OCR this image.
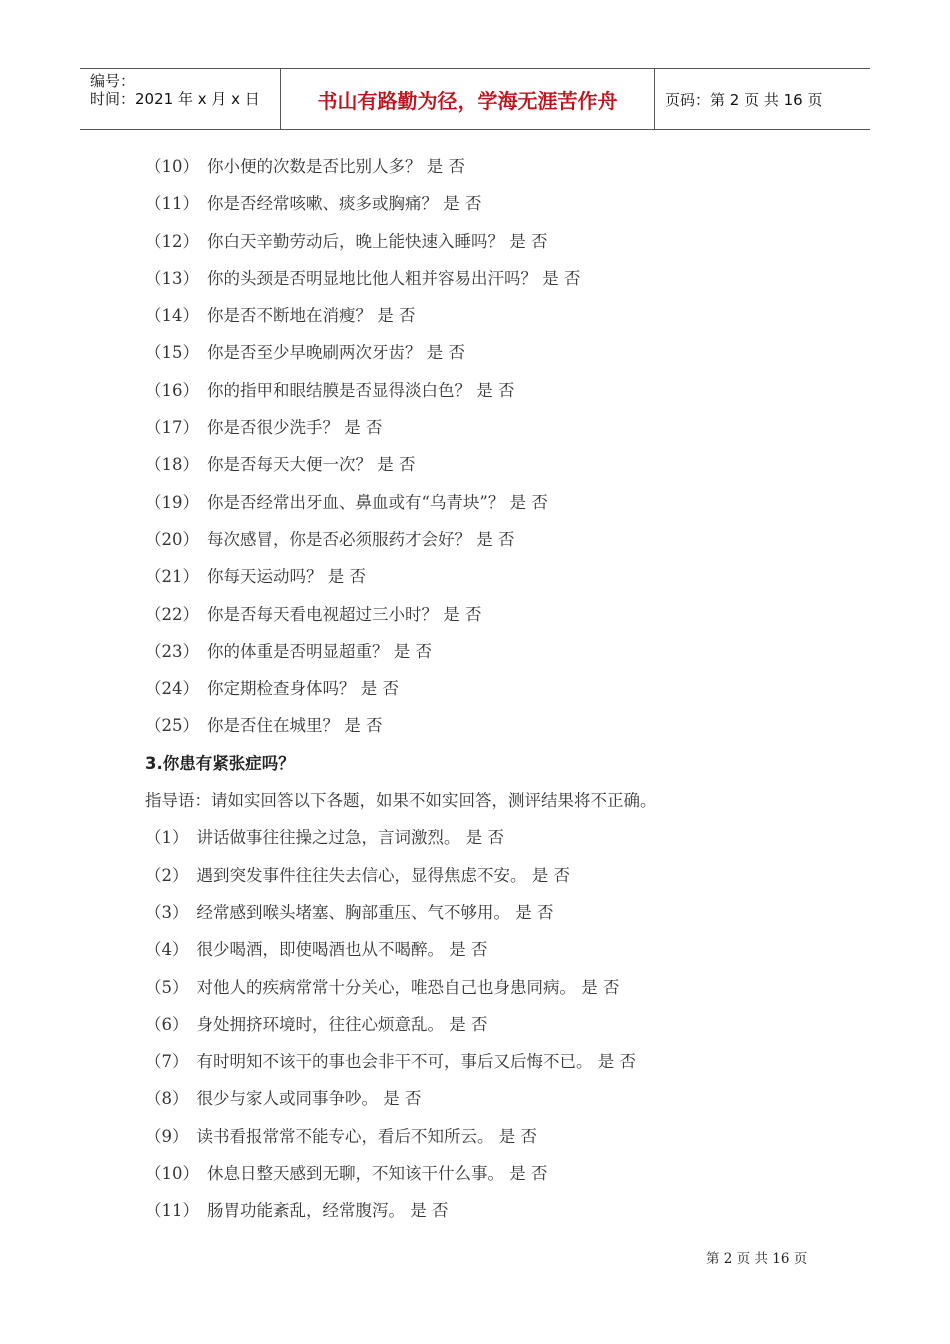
编号：
时间：2021 年 x 月 x 日	书山有路勤为径，学海无涯苦作舟	页码：第 2 页 共 16 页
（10） 你小便的次数是否比别人多？ 是 否
（11） 你是否经常咳嗽、痰多或胸痛？ 是 否
（12） 你白天辛勤劳动后，晚上能快速入睡吗？ 是 否
（13） 你的头颈是否明显地比他人粗并容易出汗吗？ 是 否
（14） 你是否不断地在消瘦？ 是 否
（15） 你是否至少早晚刷两次牙齿？ 是 否
（16） 你的指甲和眼结膜是否显得淡白色？ 是 否
（17） 你是否很少洗手？ 是 否
（18） 你是否每天大便一次？ 是 否
（19） 你是否经常出牙血、鼻血或有“乌青块”？ 是 否
（20） 每次感冒，你是否必须服药才会好？ 是 否
（21） 你每天运动吗？ 是 否
（22） 你是否每天看电视超过三小时？ 是 否
（23） 你的体重是否明显超重？ 是 否
（24） 你定期检查身体吗？ 是 否
（25） 你是否住在城里？ 是 否
3.你患有紧张症吗？
指导语：请如实回答以下各题，如果不如实回答，测评结果将不正确。
（1） 讲话做事往往操之过急，言词激烈。 是 否
（2） 遇到突发事件往往失去信心，显得焦虑不安。 是 否
（3） 经常感到喉头堵塞、胸部重压、气不够用。 是 否
（4） 很少喝酒，即使喝酒也从不喝醉。 是 否
（5） 对他人的疾病常常十分关心，唯恐自己也身患同病。 是 否
（6） 身处拥挤环境时，往往心烦意乱。 是 否
（7） 有时明知不该干的事也会非干不可，事后又后悔不已。 是 否
（8） 很少与家人或同事争吵。 是 否
（9） 读书看报常常不能专心，看后不知所云。 是 否
（10） 休息日整天感到无聊，不知该干什么事。 是 否
（11） 肠胃功能紊乱，经常腹泻。 是 否
第 2 页 共 16 页
